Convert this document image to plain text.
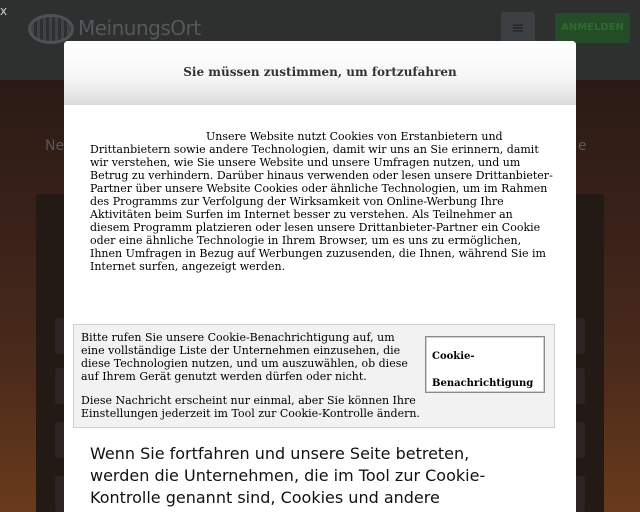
x
MeinungsOrt	≡	ANMELDEN
Ne	e
Sie müssen zustimmen, um fortzufahren
Unsere Website nutzt Cookies von Erstanbietern und Drittanbietern sowie andere Technologien, damit wir uns an Sie erinnern, damit wir verstehen, wie Sie unsere Website und unsere Umfragen nutzen, und um Betrug zu verhindern. Darüber hinaus verwenden oder lesen unsere Drittanbieter-Partner über unsere Website Cookies oder ähnliche Technologien, um im Rahmen des Programms zur Verfolgung der Wirksamkeit von Online-Werbung Ihre Aktivitäten beim Surfen im Internet besser zu verstehen. Als Teilnehmer an diesem Programm platzieren oder lesen unsere Drittanbieter-Partner ein Cookie oder eine ähnliche Technologie in Ihrem Browser, um es uns zu ermöglichen, Ihnen Umfragen in Bezug auf Werbungen zuzusenden, die Ihnen, während Sie im Internet surfen, angezeigt werden.
Bitte rufen Sie unsere Cookie-Benachrichtigung auf, um eine vollständige Liste der Unternehmen einzusehen, die diese Technologien nutzen, und um auszuwählen, ob diese auf Ihrem Gerät genutzt werden dürfen oder nicht.
Cookie-Benachrichtigung
Diese Nachricht erscheint nur einmal, aber Sie können Ihre Einstellungen jederzeit im Tool zur Cookie-Kontrolle ändern.
Wenn Sie fortfahren und unsere Seite betreten, werden die Unternehmen, die im Tool zur Cookie-Kontrolle genannt sind, Cookies und andere
